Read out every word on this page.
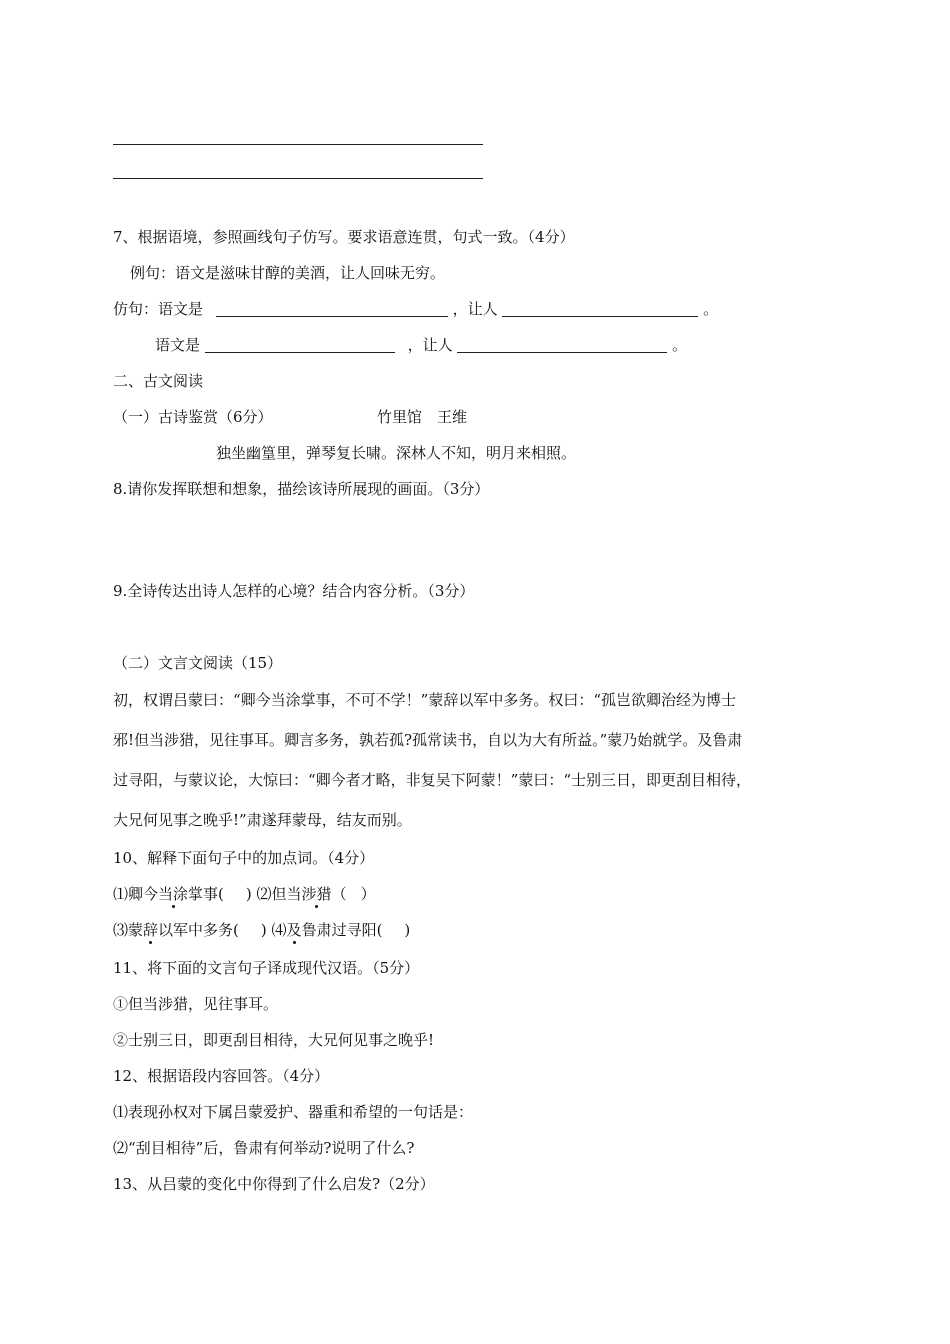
7、根据语境，参照画线句子仿写。要求语意连贯，句式一致。（4分）
例句：语文是滋味甘醇的美酒，让人回味无穷。
仿句：语文是	，让人	。
语文是	，让人	。
二、古文阅读
（一）古诗鉴赏（6分）	竹里馆　王维
独坐幽篁里，弹琴复长啸。深林人不知，明月来相照。
8.请你发挥联想和想象，描绘该诗所展现的画面。（3分）
9.全诗传达出诗人怎样的心境？结合内容分析。（3分）
（二）文言文阅读（15）
初，权谓吕蒙曰：“卿今当涂掌事，不可不学！”蒙辞以军中多务。权曰：“孤岂欲卿治经为博士
邪!但当涉猎，见往事耳。卿言多务，孰若孤?孤常读书，自以为大有所益。”蒙乃始就学。及鲁肃
过寻阳，与蒙议论，大惊曰：“卿今者才略，非复吴下阿蒙！”蒙曰：“士别三日，即更刮目相待，
大兄何见事之晚乎!”肃遂拜蒙母，结友而别。
10、解释下面句子中的加点词。（4分）
⑴卿今当涂掌事( ) ⑵但当涉猎（ ）
⑶蒙辞以军中多务( ) ⑷及鲁肃过寻阳( )
11、将下面的文言句子译成现代汉语。（5分）
①但当涉猎，见往事耳。
②士别三日，即更刮目相待，大兄何见事之晚乎!
12、根据语段内容回答。（4分）
⑴表现孙权对下属吕蒙爱护、器重和希望的一句话是：
⑵“刮目相待”后，鲁肃有何举动?说明了什么?
13、从吕蒙的变化中你得到了什么启发?（2分）
